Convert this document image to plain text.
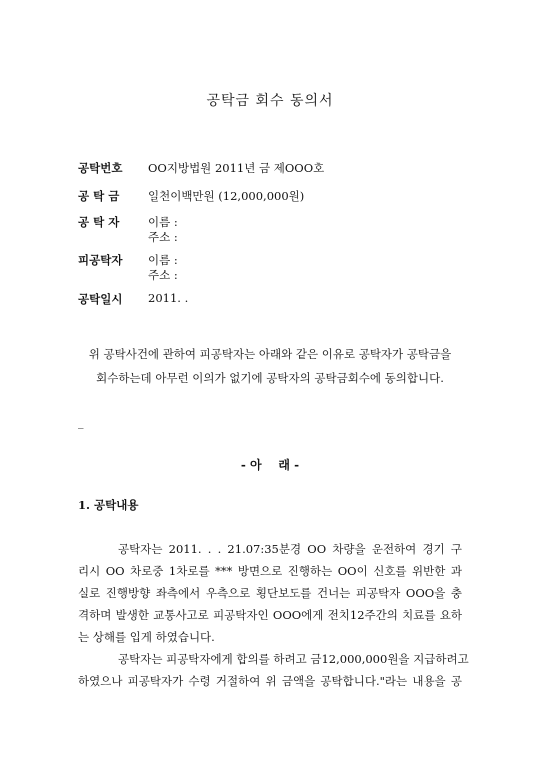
공탁금 회수 동의서
공탁번호 OO지방법원 2011년 금 제OOO호
공 탁 금 일천이백만원 (12,000,000원)
공 탁 자 이름 :
주소 :
피공탁자 이름 :
주소 :
공탁일시 2011. .
위 공탁사건에 관하여 피공탁자는 아래와 같은 이유로 공탁자가 공탁금을
회수하는데 아무런 이의가 없기에 공탁자의 공탁금회수에 동의합니다.
_
- 아    래 -
1. 공탁내용
공탁자는 2011. . . 21.07:35분경 OO 차량을 운전하여 경기 구
리시 OO 차로중 1차로를 *** 방면으로 진행하는 OO이 신호를 위반한 과
실로 진행방향 좌측에서 우측으로 횡단보도를 건너는 피공탁자 OOO을 충
격하며 발생한 교통사고로 피공탁자인 OOO에게 전치12주간의 치료를 요하
는 상해를 입게 하였습니다.
공탁자는 피공탁자에게 합의를 하려고 금12,000,000원을 지급하려고
하였으나 피공탁자가 수령 거절하여 위 금액을 공탁합니다."라는 내용을 공
